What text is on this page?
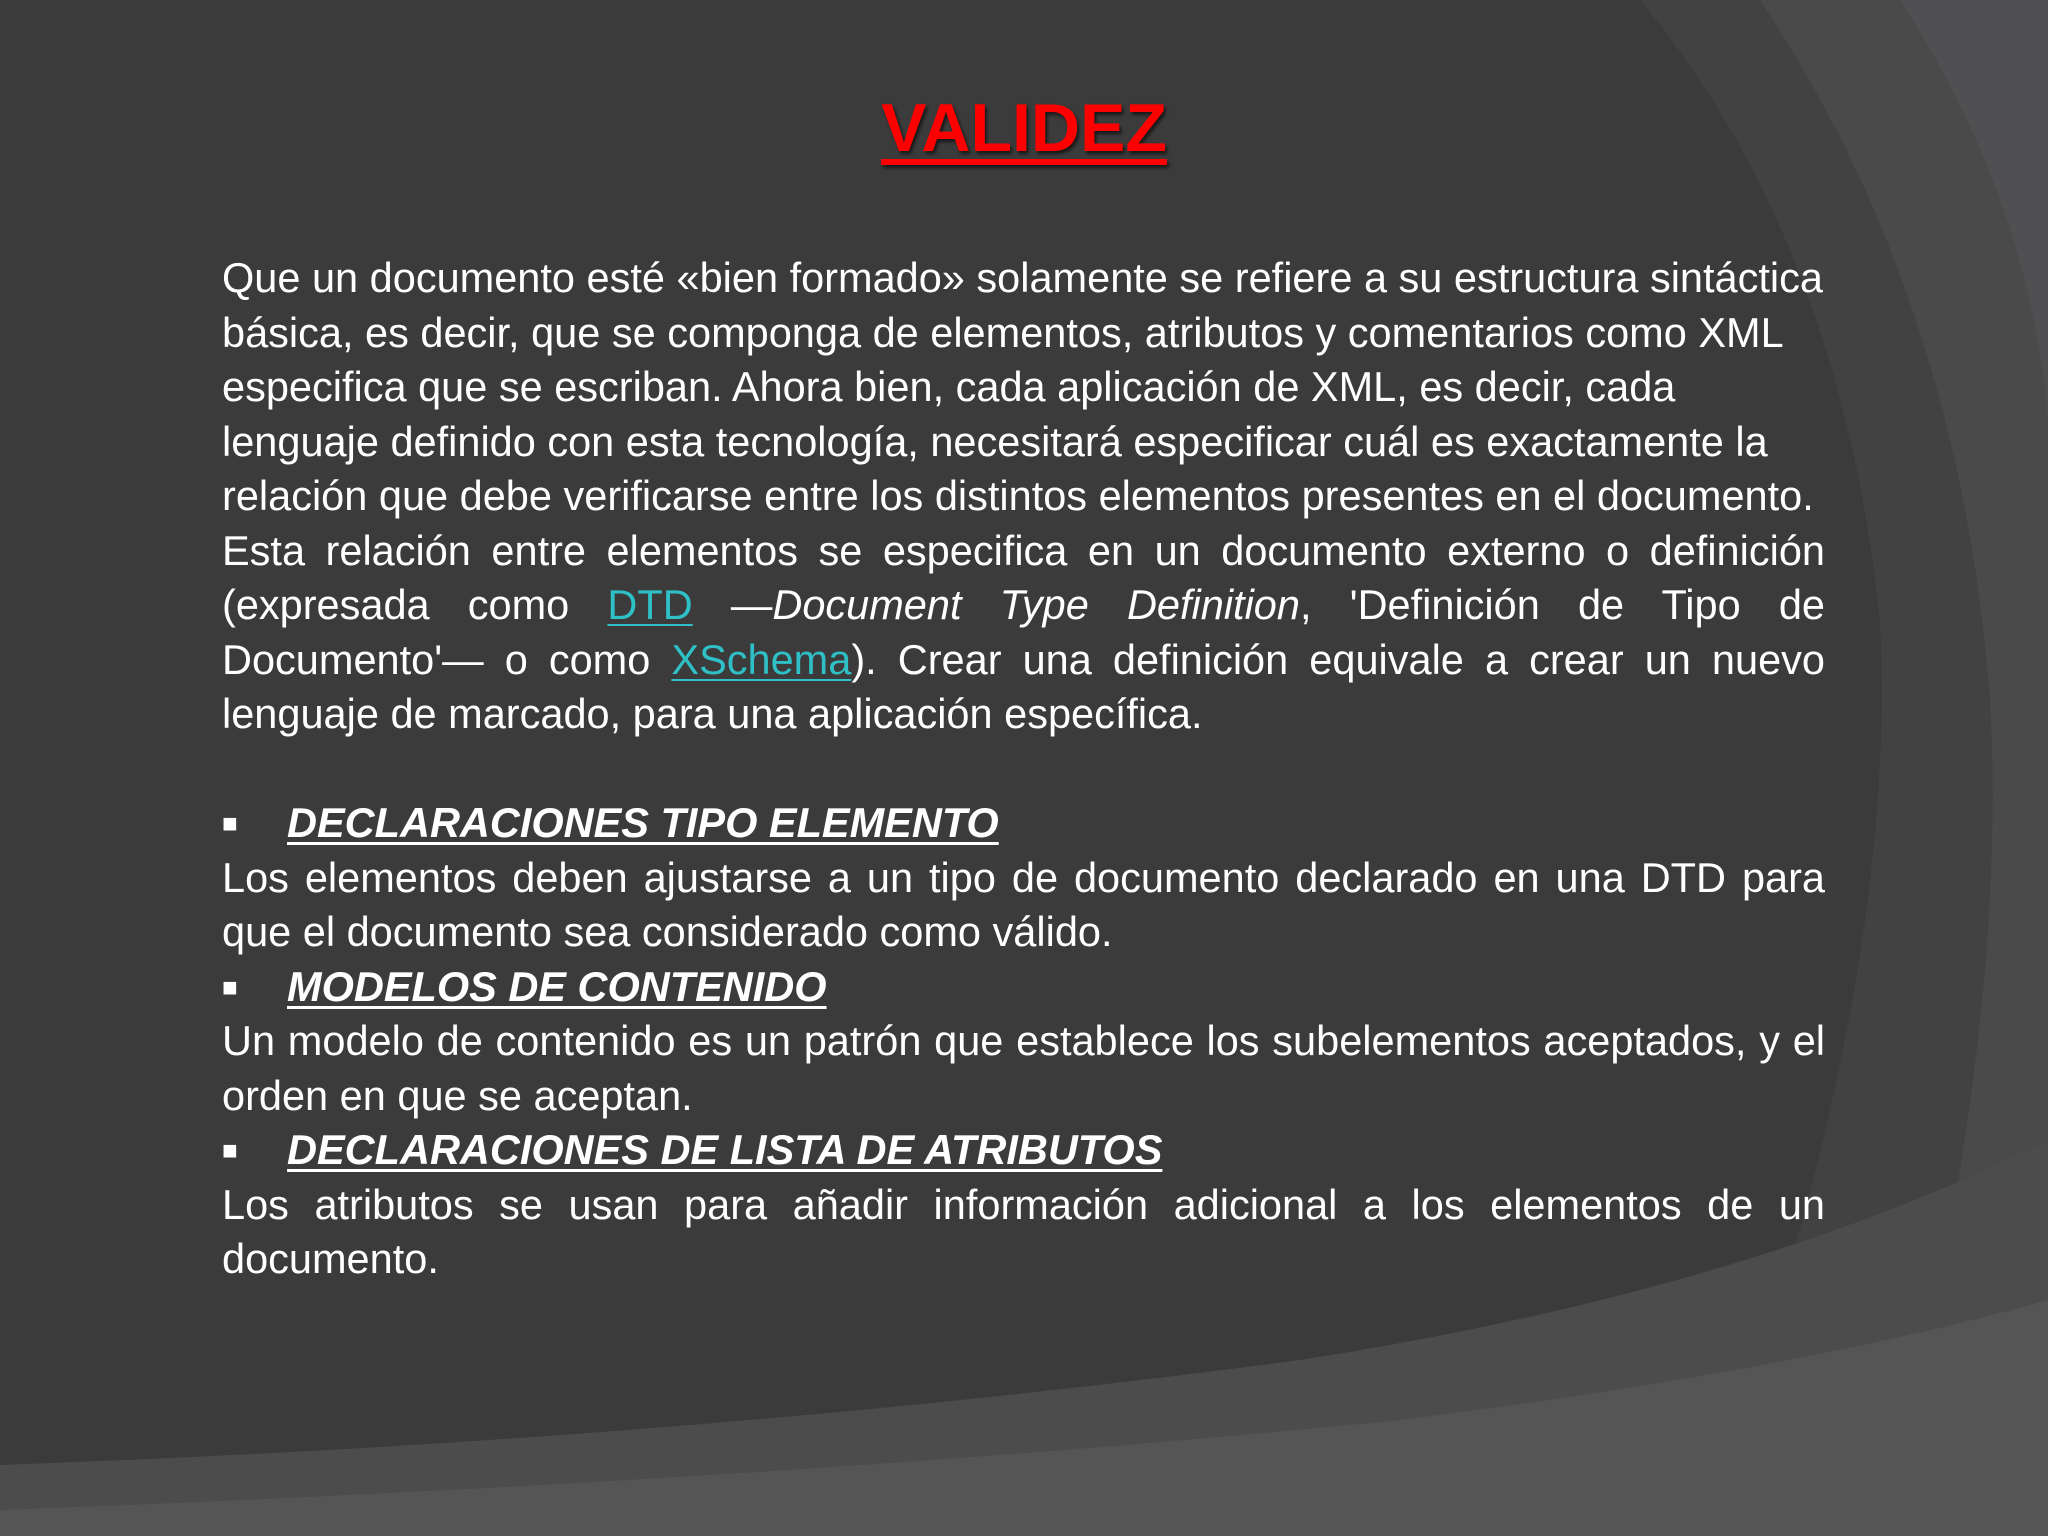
VALIDEZ

Que un documento esté «bien formado» solamente se refiere a su estructura sintáctica básica, es decir, que se componga de elementos, atributos y comentarios como XML especifica que se escriban. Ahora bien, cada aplicación de XML, es decir, cada lenguaje definido con esta tecnología, necesitará especificar cuál es exactamente la relación que debe verificarse entre los distintos elementos presentes en el documento.

Esta relación entre elementos se especifica en un documento externo o definición (expresada como DTD —Document Type Definition, 'Definición de Tipo de Documento'— o como XSchema). Crear una definición equivale a crear un nuevo lenguaje de marcado, para una aplicación específica.

■	DECLARACIONES TIPO ELEMENTO

Los elementos deben ajustarse a un tipo de documento declarado en una DTD para que el documento sea considerado como válido.

■	MODELOS DE CONTENIDO

Un modelo de contenido es un patrón que establece los subelementos aceptados, y el orden en que se aceptan.

■	DECLARACIONES DE LISTA DE ATRIBUTOS

Los atributos se usan para añadir información adicional a los elementos de un documento.
